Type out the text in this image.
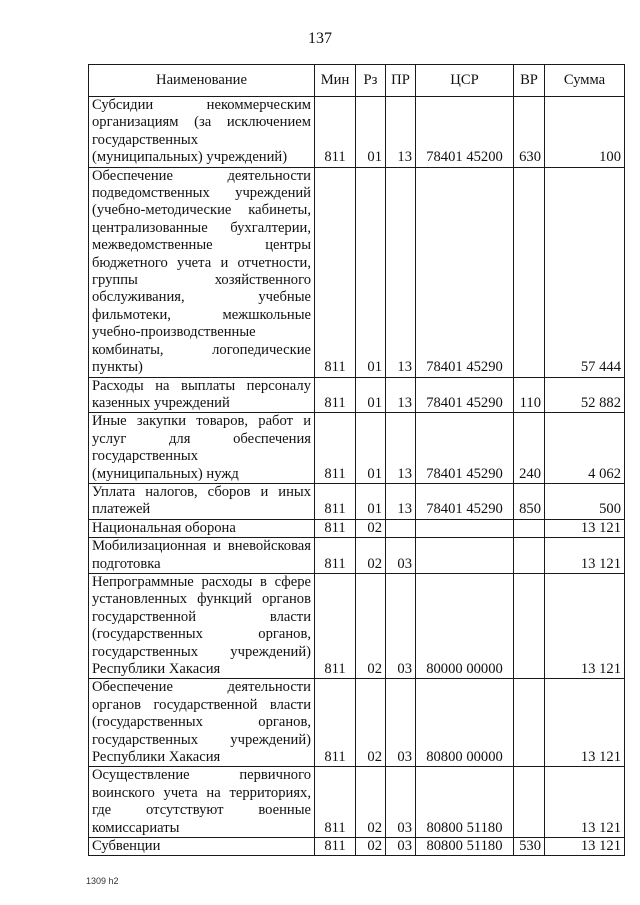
137
Наименование	Мин	Рз	ПР	ЦСР	ВР	Сумма
Субсидии некоммерческим организациям (за исключением государственных (муниципальных) учреждений)	811	01	13	78401 45200	630	100
Обеспечение деятельности подведомственных учреждений (учебно-методические кабинеты, централизованные бухгалтерии, межведомственные центры бюджетного учета и отчетности, группы хозяйственного обслуживания, учебные фильмотеки, межшкольные учебно-производственные комбинаты, логопедические пункты)	811	01	13	78401 45290		57 444
Расходы на выплаты персоналу казенных учреждений	811	01	13	78401 45290	110	52 882
Иные закупки товаров, работ и услуг для обеспечения государственных (муниципальных) нужд	811	01	13	78401 45290	240	4 062
Уплата налогов, сборов и иных платежей	811	01	13	78401 45290	850	500
Национальная оборона	811	02				13 121
Мобилизационная и вневойсковая подготовка	811	02	03			13 121
Непрограммные расходы в сфере установленных функций органов государственной власти (государственных органов, государственных учреждений) Республики Хакасия	811	02	03	80000 00000		13 121
Обеспечение деятельности органов государственной власти (государственных органов, государственных учреждений) Республики Хакасия	811	02	03	80800 00000		13 121
Осуществление первичного воинского учета на территориях, где отсутствуют военные комиссариаты	811	02	03	80800 51180		13 121
Субвенции	811	02	03	80800 51180	530	13 121
1309 h2
